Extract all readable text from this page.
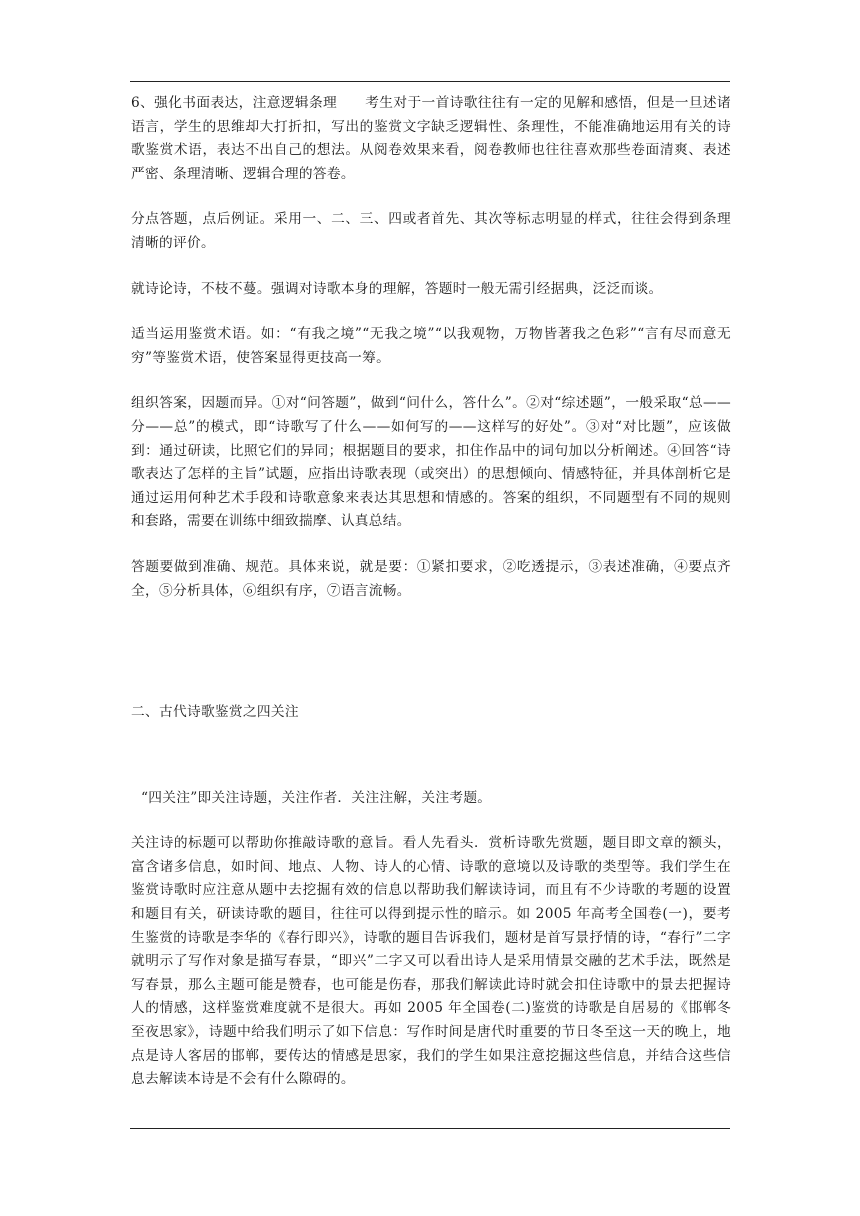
6、强化书面表达，注意逻辑条理　　考生对于一首诗歌往往有一定的见解和感悟，但是一旦述诸语言，学生的思维却大打折扣，写出的鉴赏文字缺乏逻辑性、条理性，不能准确地运用有关的诗歌鉴赏术语，表达不出自己的想法。从阅卷效果来看，阅卷教师也往往喜欢那些卷面清爽、表述严密、条理清晰、逻辑合理的答卷。

分点答题，点后例证。采用一、二、三、四或者首先、其次等标志明显的样式，往往会得到条理清晰的评价。

就诗论诗，不枝不蔓。强调对诗歌本身的理解，答题时一般无需引经据典，泛泛而谈。

适当运用鉴赏术语。如：“有我之境”“无我之境”“以我观物，万物皆著我之色彩”“言有尽而意无穷”等鉴赏术语，使答案显得更技高一筹。

组织答案，因题而异。①对“问答题”，做到“问什么，答什么”。②对“综述题”，一般采取“总——分——总”的模式，即“诗歌写了什么——如何写的——这样写的好处”。③对“对比题”，应该做到：通过研读，比照它们的异同；根据题目的要求，扣住作品中的词句加以分析阐述。④回答“诗歌表达了怎样的主旨”试题，应指出诗歌表现（或突出）的思想倾向、情感特征，并具体剖析它是通过运用何种艺术手段和诗歌意象来表达其思想和情感的。答案的组织，不同题型有不同的规则和套路，需要在训练中细致揣摩、认真总结。

答题要做到准确、规范。具体来说，就是要：①紧扣要求，②吃透提示，③表述准确，④要点齐全，⑤分析具体，⑥组织有序，⑦语言流畅。

二、古代诗歌鉴赏之四关注

“四关注”即关注诗题，关注作者．关注注解，关注考题。

关注诗的标题可以帮助你推敲诗歌的意旨。看人先看头．赏析诗歌先赏题，题目即文章的额头，富含诸多信息，如时间、地点、人物、诗人的心情、诗歌的意境以及诗歌的类型等。我们学生在鉴赏诗歌时应注意从题中去挖掘有效的信息以帮助我们解读诗词，而且有不少诗歌的考题的设置和题目有关，研读诗歌的题目，往往可以得到提示性的暗示。如 2005 年高考全国卷(一)，要考生鉴赏的诗歌是李华的《春行即兴》，诗歌的题目告诉我们，题材是首写景抒情的诗，“春行”二字就明示了写作对象是描写春景，“即兴”二字又可以看出诗人是采用情景交融的艺术手法，既然是写春景，那么主题可能是赞春，也可能是伤春，那我们解读此诗时就会扣住诗歌中的景去把握诗人的情感，这样鉴赏难度就不是很大。再如 2005 年全国卷(二)鉴赏的诗歌是自居易的《邯郸冬至夜思家》，诗题中给我们明示了如下信息：写作时间是唐代时重要的节日冬至这一天的晚上，地点是诗人客居的邯郸，要传达的情感是思家，我们的学生如果注意挖掘这些信息，并结合这些信息去解读本诗是不会有什么隙碍的。
